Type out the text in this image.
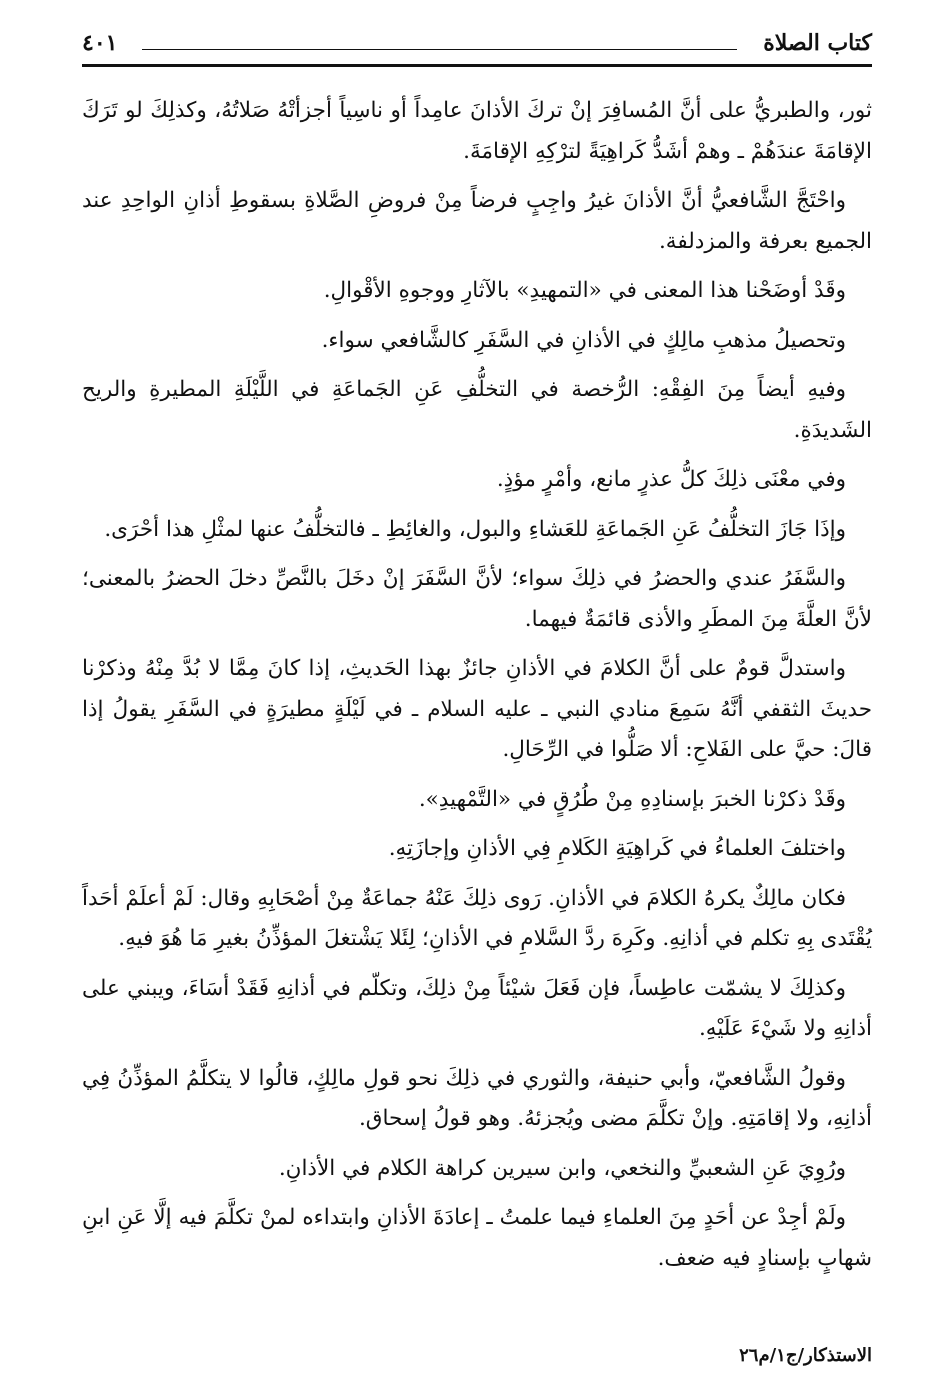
كتاب الصلاة
٤٠١

ثور، والطبريُّ على أنَّ المُسافِرَ إنْ تركَ الأذانَ عامِداً أو ناسِياً أجزأتْهُ صَلاتُهُ، وكذلِكَ لو تَرَكَ الإقامَةَ عندَهُمْ ـ وهمْ أشَدُّ كَراهِيَةً لترْكِهِ الإقامَةَ.

واحْتَجَّ الشَّافعيُّ أنَّ الأذانَ غيرُ واجِبٍ فرضاً مِنْ فروضِ الصَّلاةِ بسقوطِ أذانِ الواحِدِ عند الجميع بعرفة والمزدلفة.

وقَدْ أوضَحْنا هذا المعنى في «التمهيدِ» بالآثارِ ووجوهِ الأقْوالِ.

وتحصيلُ مذهبِ مالِكٍ في الأذانِ في السَّفَرِ كالشَّافعي سواء.

وفيهِ أيضاً مِنَ الفِقْهِ: الرُّخصة في التخلُّفِ عَنِ الجَماعَةِ في اللَّيْلَةِ المطيرةِ والريح الشَديدَةِ.

وفي معْنَى ذلِكَ كلُّ عذرٍ مانع، وأمْرٍ مؤذٍ.

وإذَا جَازَ التخلُّفُ عَنِ الجَماعَةِ للعَشاءِ والبول، والغائِطِ ـ فالتخلُّفُ عنها لمثْلِ هذا أحْرَى.

والسَّفَرُ عندي والحضرُ في ذلِكَ سواء؛ لأنَّ السَّفَرَ إنْ دخَلَ بالنَّصِّ دخلَ الحضرُ بالمعنى؛ لأنَّ العلَّةَ مِنَ المطَرِ والأذى قائمَةٌ فيهما.

واستدلَّ قومٌ على أنَّ الكلامَ في الأذانِ جائزٌ بهذا الحَديثِ، إذا كانَ مِمَّا لا بُدَّ مِنْهُ وذكرْنا حديثَ الثقفي أنَّهُ سَمِعَ منادي النبي ـ عليه السلام ـ في لَيْلَةٍ مطيرَةٍ في السَّفَرِ يقولُ إذا قالَ: حيَّ على الفَلاحِ: ألا صَلُّوا في الرِّحَالِ.

وقَدْ ذكرْنا الخبرَ بإسنادِهِ مِنْ طُرُقٍ في «التَّمْهيدِ».

واختلفَ العلماءُ في كَراهِيَةِ الكَلامِ فِي الأذانِ وإجازَتِهِ.

فكان مالِكٌ يكرهُ الكلامَ في الأذانِ. رَوى ذلِكَ عَنْهُ جماعَةٌ مِنْ أصْحَابِهِ وقال: لَمْ أعلَمْ أحَداً يُقْتَدى بِهِ تكلم في أذانِهِ. وكَرِهَ ردَّ السَّلامِ في الأذانِ؛ لِئَلا يَشْتغلَ المؤذِّنُ بغيرِ مَا هُوَ فيهِ.

وكذلِكَ لا يشمّت عاطِساً، فإن فَعَلَ شيْئاً مِنْ ذلِكَ، وتكلّم في أذانِهِ فَقَدْ أسَاءَ، ويبني على أذانِهِ ولا شَيْءَ عَلَيْهِ.

وقولُ الشَّافعيّ، وأبي حنيفة، والثوري في ذلِكَ نحو قولِ مالِكٍ، قالُوا لا يتكلَّمُ المؤذِّنُ فِي أذانِهِ، ولا إقامَتِهِ. وإنْ تكلَّمَ مضى ويُجزئهُ. وهو قولُ إسحاق.

ورُوِيَ عَنِ الشعبيِّ والنخعي، وابن سيرين كراهة الكلام في الأذانِ.

ولَمْ أجِدْ عن أحَدٍ مِنَ العلماءِ فيما علمتُ ـ إعادَةَ الأذانِ وابتداءه لمنْ تكلَّمَ فيه إلَّا عَنِ ابنِ شهابٍ بإسنادٍ فيه ضعف.

الاستذكار/ج١/م٢٦
